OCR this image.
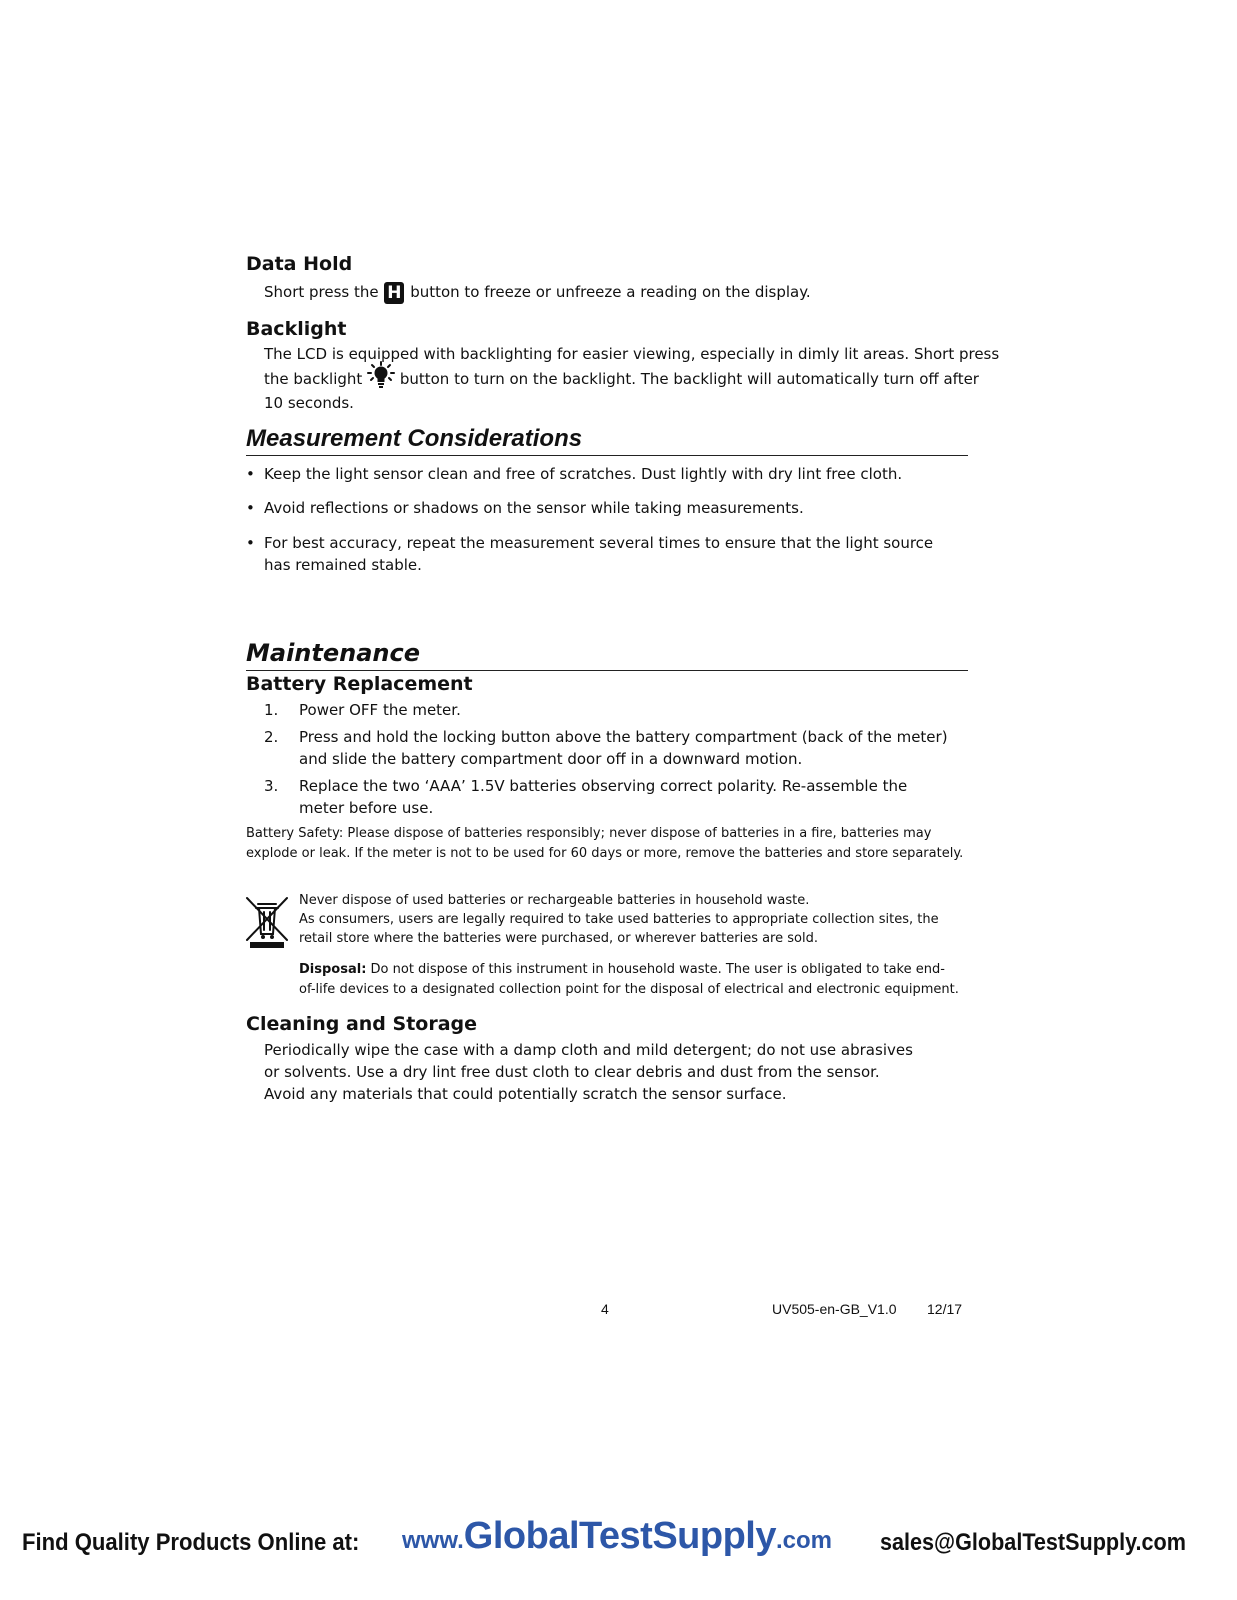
Data Hold
Short press the H button to freeze or unfreeze a reading on the display.
Backlight
The LCD is equipped with backlighting for easier viewing, especially in dimly lit areas. Short press
the backlight	button to turn on the backlight. The backlight will automatically turn off after
10 seconds.
Measurement Considerations
• Keep the light sensor clean and free of scratches. Dust lightly with dry lint free cloth.
• Avoid reflections or shadows on the sensor while taking measurements.
• For best accuracy, repeat the measurement several times to ensure that the light source has remained stable.
Maintenance
Battery Replacement
1. Power OFF the meter.
2. Press and hold the locking button above the battery compartment (back of the meter) and slide the battery compartment door off in a downward motion.
3. Replace the two ‘AAA’ 1.5V batteries observing correct polarity. Re-assemble the meter before use.
Battery Safety: Please dispose of batteries responsibly; never dispose of batteries in a fire, batteries may explode or leak. If the meter is not to be used for 60 days or more, remove the batteries and store separately.
Never dispose of used batteries or rechargeable batteries in household waste.
As consumers, users are legally required to take used batteries to appropriate collection sites, the retail store where the batteries were purchased, or wherever batteries are sold.
Disposal: Do not dispose of this instrument in household waste. The user is obligated to take end-of-life devices to a designated collection point for the disposal of electrical and electronic equipment.
Cleaning and Storage
Periodically wipe the case with a damp cloth and mild detergent; do not use abrasives or solvents. Use a dry lint free dust cloth to clear debris and dust from the sensor. Avoid any materials that could potentially scratch the sensor surface.
4	UV505-en-GB_V1.0 12/17
Find Quality Products Online at: www.GlobalTestSupply.com sales@GlobalTestSupply.com
